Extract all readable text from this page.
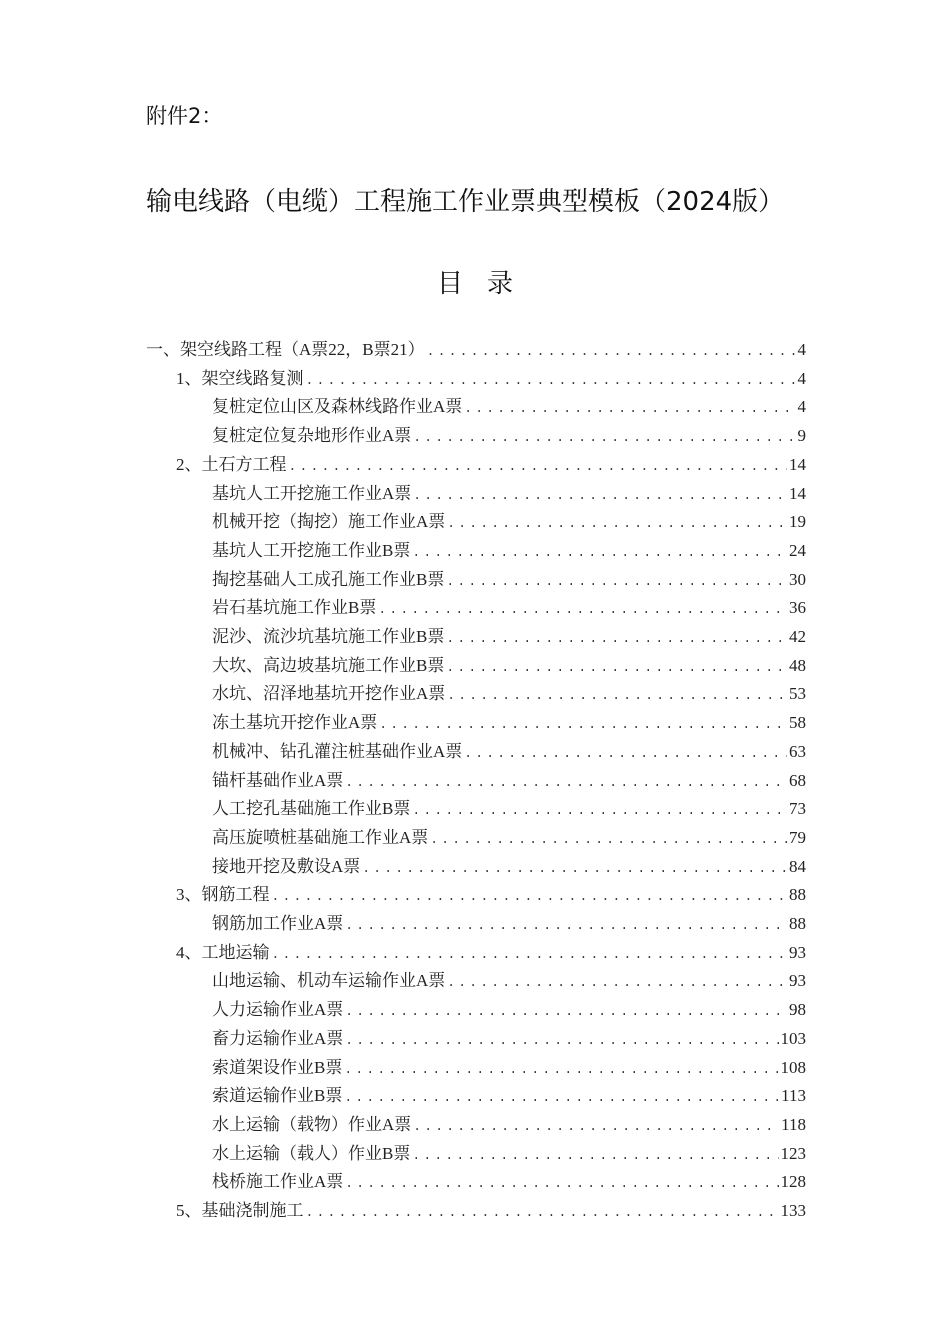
附件2：
输电线路（电缆）工程施工作业票典型模板（2024版）
目录
一、架空线路工程（A票22，B票21） .....	4
1、架空线路复测 .....	4
复桩定位山区及森林线路作业A票 .....	4
复桩定位复杂地形作业A票 .....	9
2、土石方工程 .....	14
基坑人工开挖施工作业A票 .....	14
机械开挖（掏挖）施工作业A票 .....	19
基坑人工开挖施工作业B票 .....	24
掏挖基础人工成孔施工作业B票 .....	30
岩石基坑施工作业B票 .....	36
泥沙、流沙坑基坑施工作业B票 .....	42
大坎、高边坡基坑施工作业B票 .....	48
水坑、沼泽地基坑开挖作业A票 .....	53
冻土基坑开挖作业A票 .....	58
机械冲、钻孔灌注桩基础作业A票 .....	63
锚杆基础作业A票 .....	68
人工挖孔基础施工作业B票 .....	73
高压旋喷桩基础施工作业A票 .....	79
接地开挖及敷设A票 .....	84
3、钢筋工程 .....	88
钢筋加工作业A票 .....	88
4、工地运输 .....	93
山地运输、机动车运输作业A票 .....	93
人力运输作业A票 .....	98
畜力运输作业A票 .....	103
索道架设作业B票 .....	108
索道运输作业B票 .....	113
水上运输（载物）作业A票 .....	118
水上运输（载人）作业B票 .....	123
栈桥施工作业A票 .....	128
5、基础浇制施工 .....	133
